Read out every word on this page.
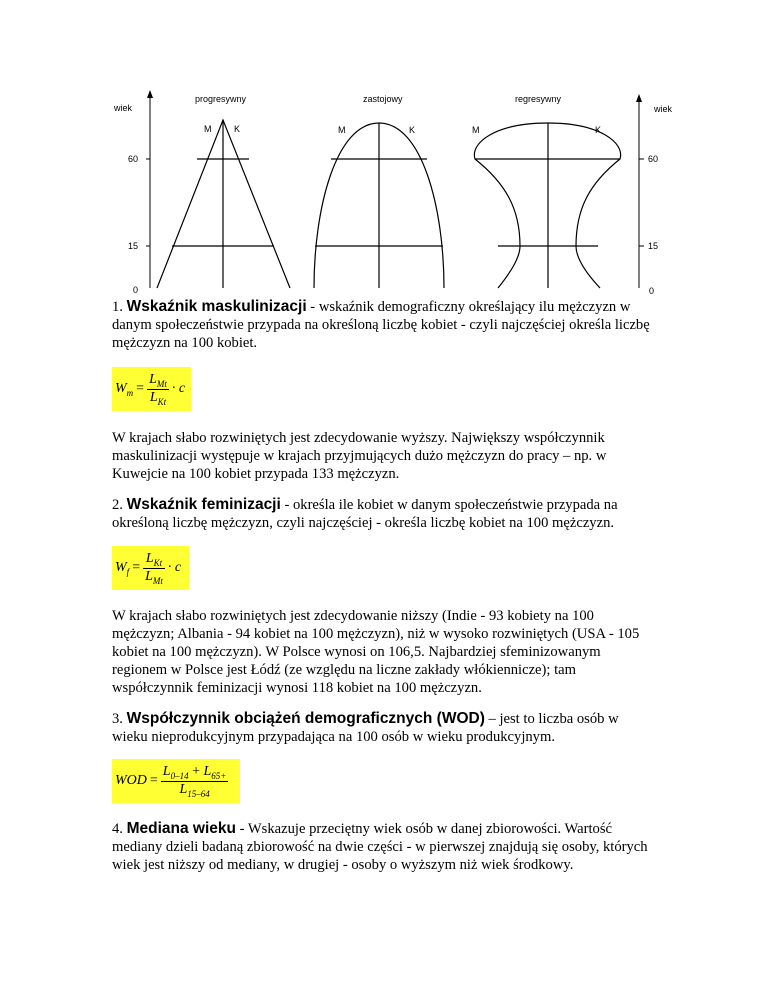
wiek
60
15
0
wiek
60
15
0
progresywny
M	K
zastojowy
M	K
regresywny
M	K

1. Wskaźnik maskulinizacji - wskaźnik demograficzny określający ilu mężczyzn w danym społeczeństwie przypada na określoną liczbę kobiet - czyli najczęściej określa liczbę mężczyzn na 100 kobiet.

$W_m = \frac{L_{Mt}}{L_{Kt}} \cdot c$

W krajach słabo rozwiniętych jest zdecydowanie wyższy. Największy współczynnik maskulinizacji występuje w krajach przyjmujących dużo mężczyzn do pracy – np. w Kuwejcie na 100 kobiet przypada 133 mężczyzn.

2. Wskaźnik feminizacji - określa ile kobiet w danym społeczeństwie przypada na określoną liczbę mężczyzn, czyli najczęściej - określa liczbę kobiet na 100 mężczyzn.

$W_f = \frac{L_{Kt}}{L_{Mt}} \cdot c$

W krajach słabo rozwiniętych jest zdecydowanie niższy (Indie - 93 kobiety na 100 mężczyzn; Albania - 94 kobiet na 100 mężczyzn), niż w wysoko rozwiniętych (USA - 105 kobiet na 100 mężczyzn). W Polsce wynosi on 106,5. Najbardziej sfeminizowanym regionem w Polsce jest Łódź (ze względu na liczne zakłady włókiennicze); tam współczynnik feminizacji wynosi 118 kobiet na 100 mężczyzn.

3. Współczynnik obciążeń demograficznych (WOD) – jest to liczba osób w wieku nieprodukcyjnym przypadająca na 100 osób w wieku produkcyjnym.

WOD = $\frac{L_{0-14} + L_{65+}}{L_{15-64}}$

4. Mediana wieku - Wskazuje przeciętny wiek osób w danej zbiorowości. Wartość mediany dzieli badaną zbiorowość na dwie części - w pierwszej znajdują się osoby, których wiek jest niższy od mediany, w drugiej - osoby o wyższym niż wiek środkowy.
